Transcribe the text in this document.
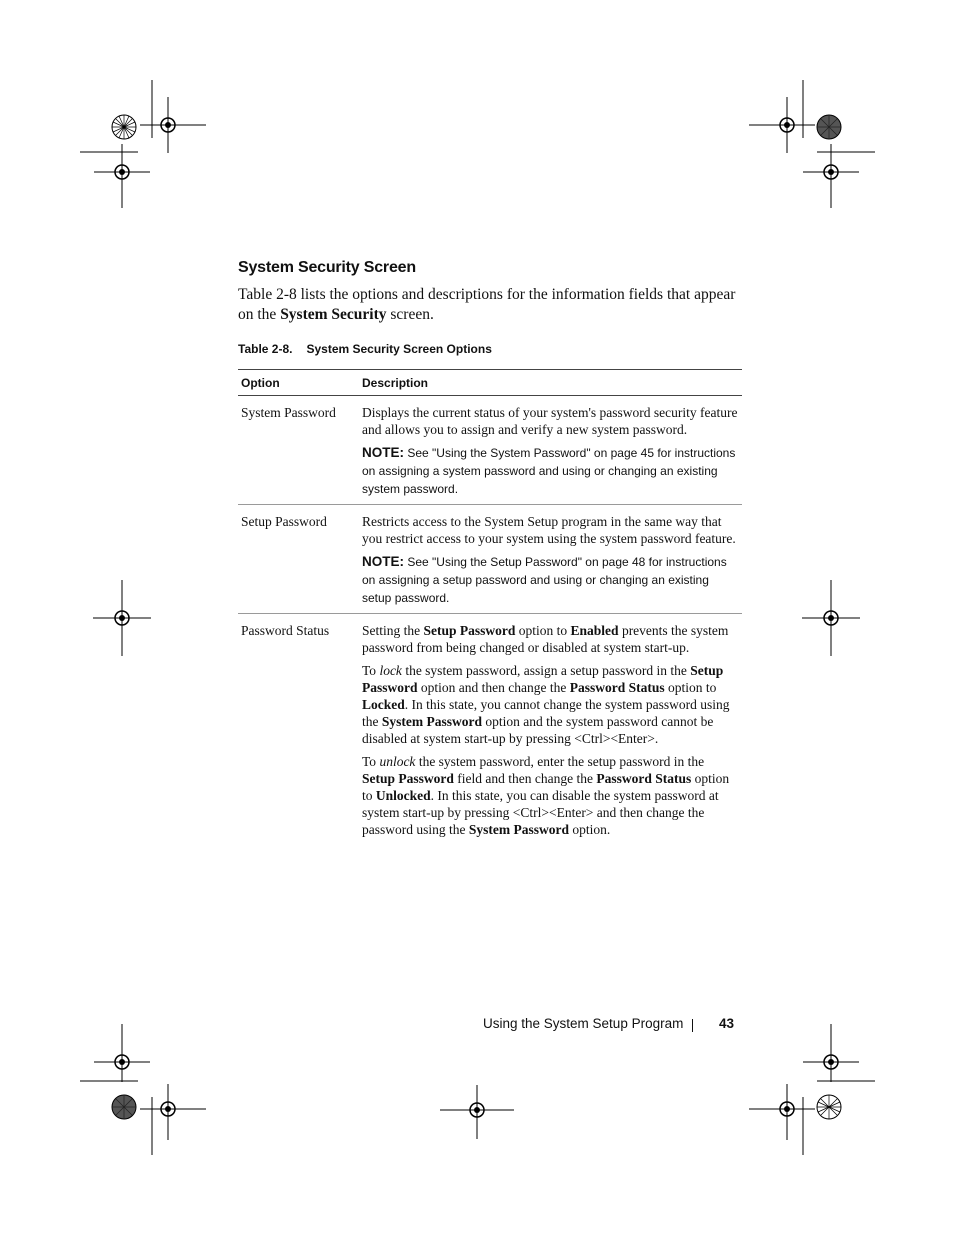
System Security Screen
Table 2-8 lists the options and descriptions for the information fields that appear on the System Security screen.
Table 2-8. System Security Screen Options
Option	Description
System Password	Displays the current status of your system's password security feature and allows you to assign and verify a new system password.
NOTE: See "Using the System Password" on page 45 for instructions on assigning a system password and using or changing an existing system password.
Setup Password	Restricts access to the System Setup program in the same way that you restrict access to your system using the system password feature.
NOTE: See "Using the Setup Password" on page 48 for instructions on assigning a setup password and using or changing an existing setup password.
Password Status	Setting the Setup Password option to Enabled prevents the system password from being changed or disabled at system start-up.
To lock the system password, assign a setup password in the Setup Password option and then change the Password Status option to Locked. In this state, you cannot change the system password using the System Password option and the system password cannot be disabled at system start-up by pressing <Ctrl><Enter>.
To unlock the system password, enter the setup password in the Setup Password field and then change the Password Status option to Unlocked. In this state, you can disable the system password at system start-up by pressing <Ctrl><Enter> and then change the password using the System Password option.
Using the System Setup Program	43
